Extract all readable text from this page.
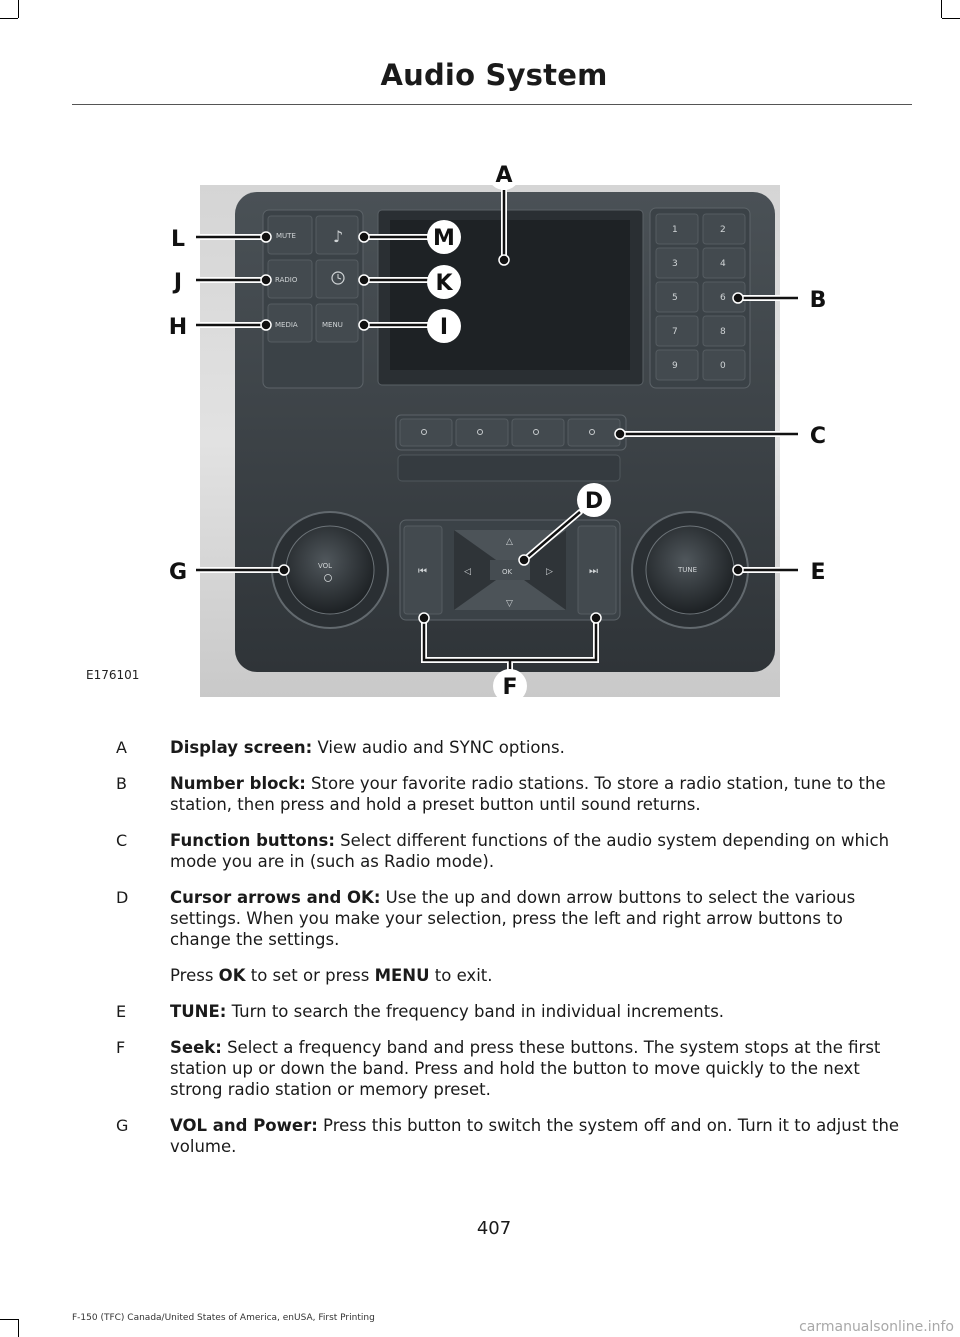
Audio System
MUTE
RADIO
MEDIA	MENU
♪	1	2
3	4
5	6
7	8
9	0
VOL	TUNE
⏮	⏭
△
▽
◁	▷
OK
A
L
J
H
M
K
I
B
C
D
G	E
F
E176101
A	Display screen: View audio and SYNC options.
B	Number block: Store your favorite radio stations. To store a radio station, tune to the station, then press and hold a preset button until sound returns.
C	Function buttons: Select different functions of the audio system depending on which mode you are in (such as Radio mode).
D	Cursor arrows and OK: Use the up and down arrow buttons to select the various settings. When you make your selection, press the left and right arrow buttons to change the settings.
Press OK to set or press MENU to exit.
E	TUNE: Turn to search the frequency band in individual increments.
F	Seek: Select a frequency band and press these buttons. The system stops at the first station up or down the band. Press and hold the button to move quickly to the next strong radio station or memory preset.
G	VOL and Power: Press this button to switch the system off and on. Turn it to adjust the volume.
407
F-150 (TFC) Canada/United States of America, enUSA, First Printing
carmanualsonline.info
